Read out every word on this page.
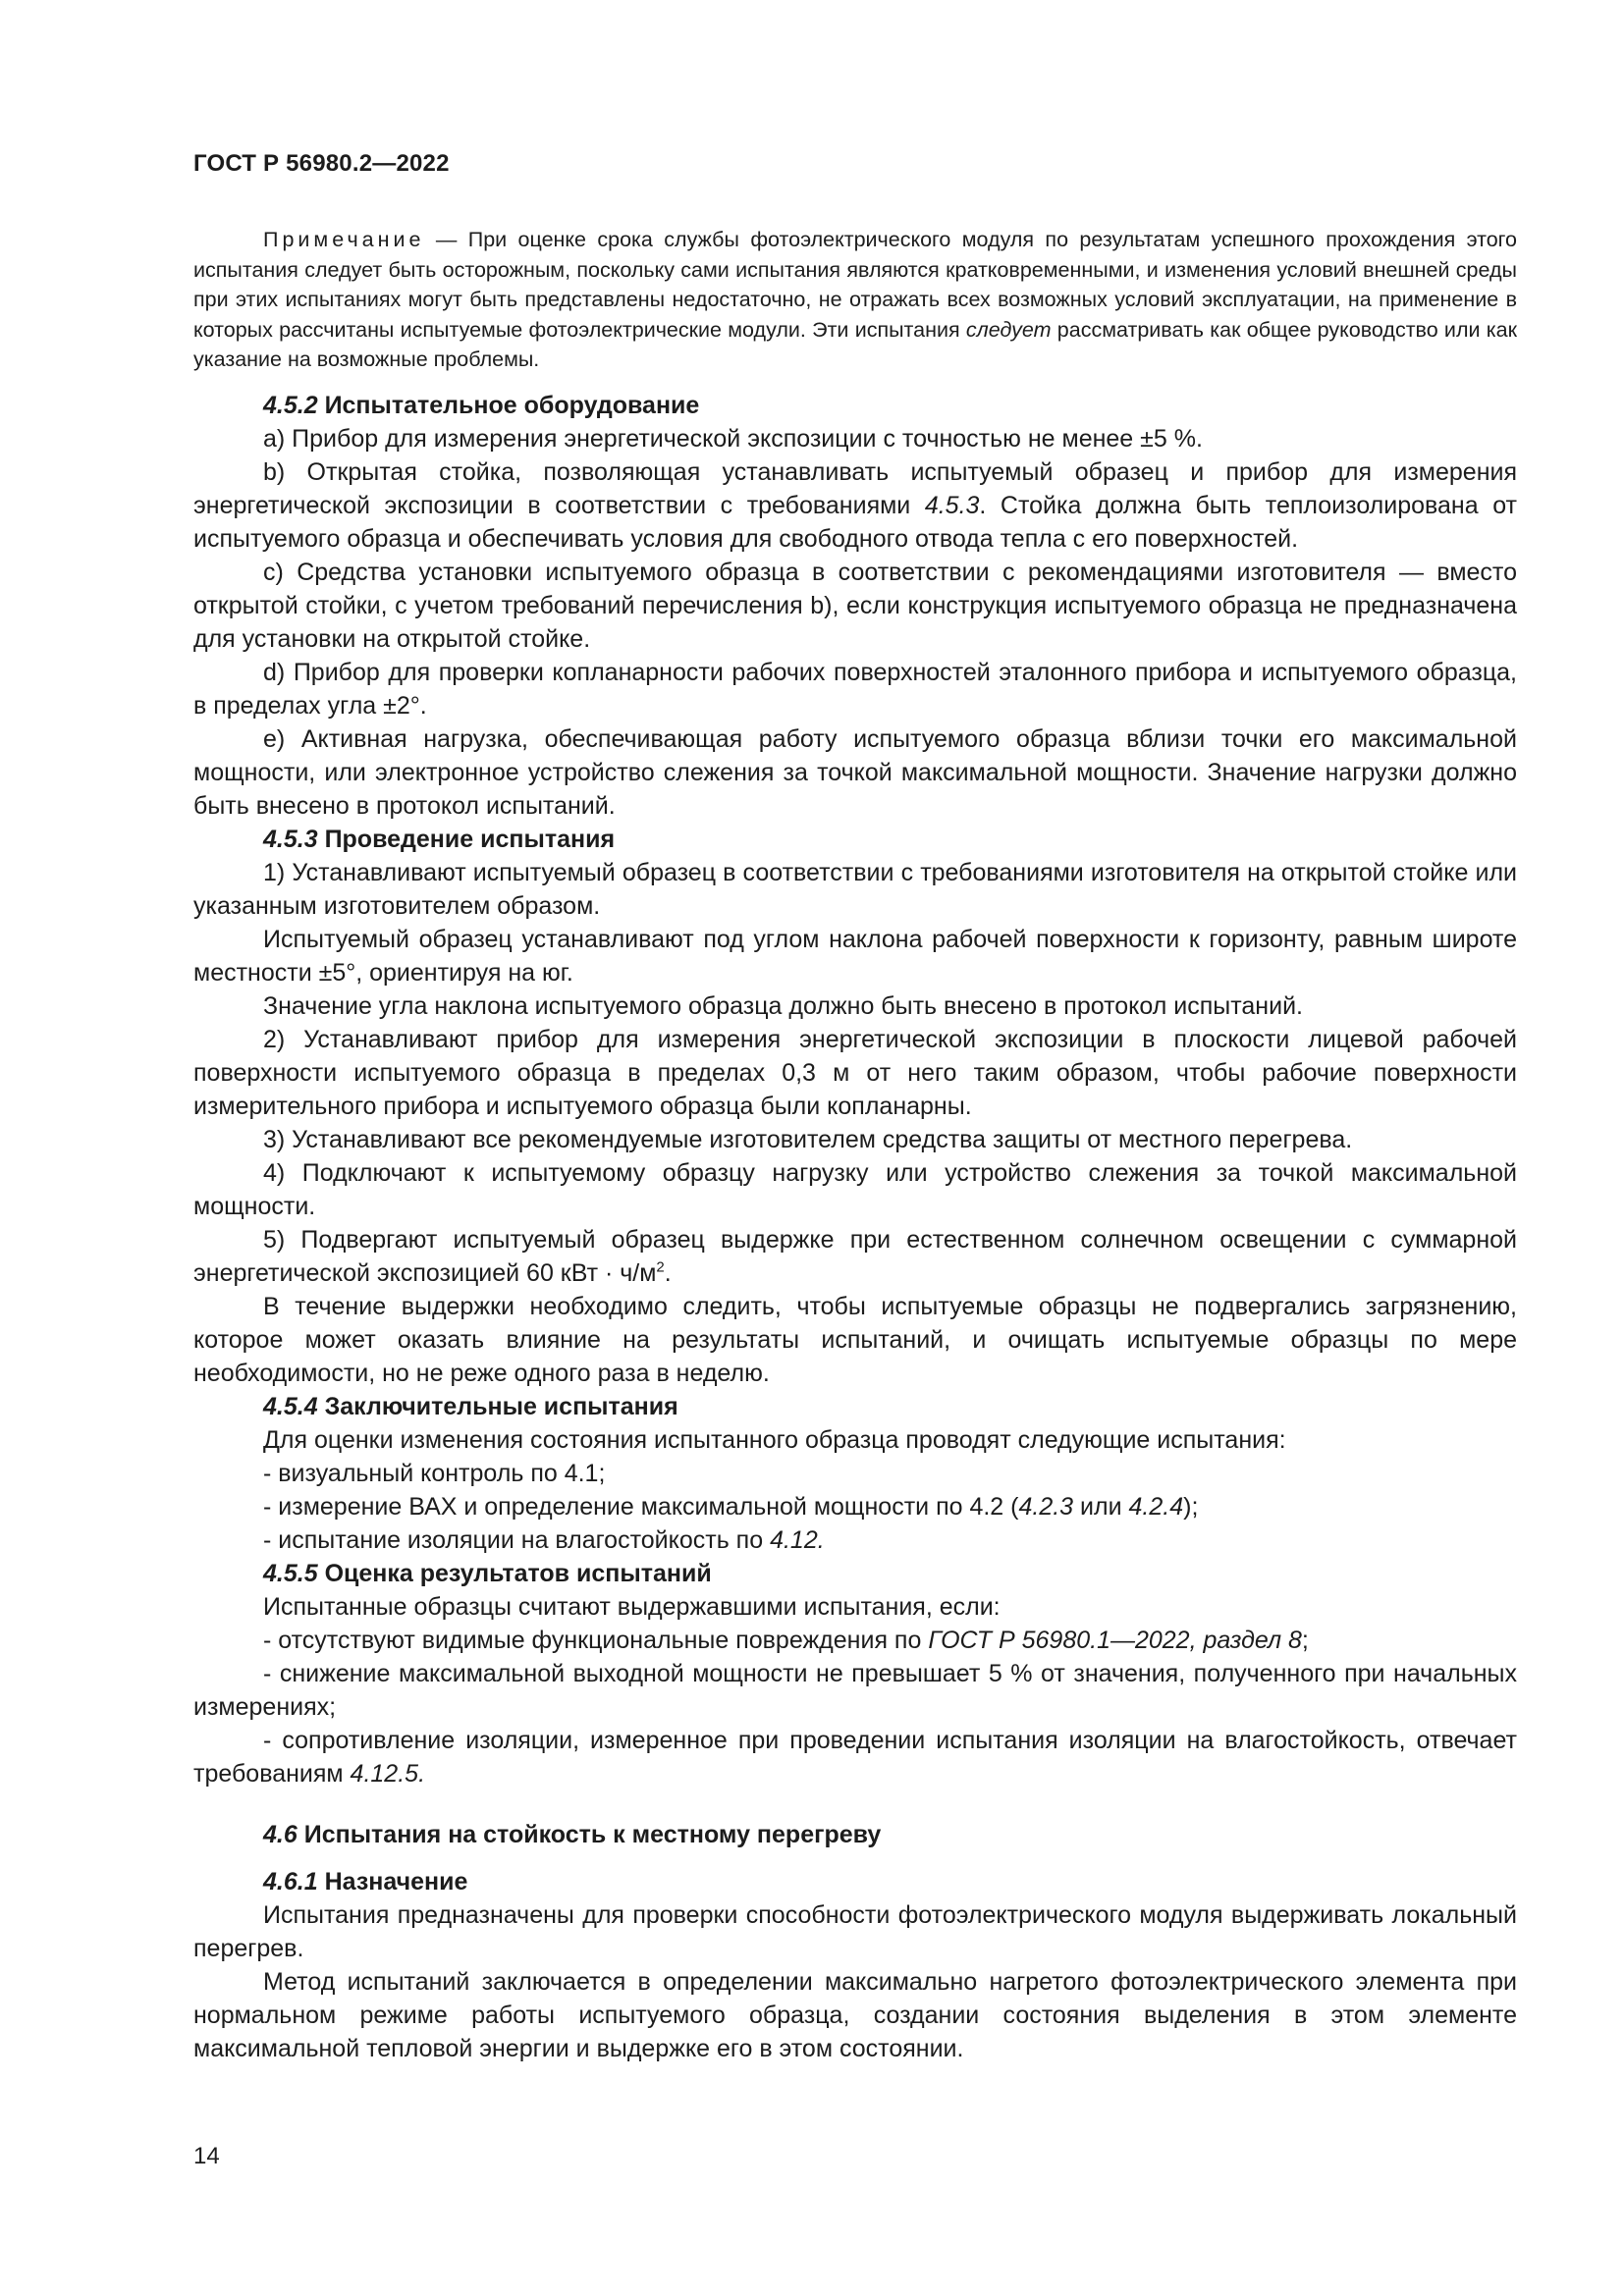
ГОСТ Р 56980.2—2022

Примечание — При оценке срока службы фотоэлектрического модуля по результатам успешного прохождения этого испытания следует быть осторожным, поскольку сами испытания являются кратковременными, и изменения условий внешней среды при этих испытаниях могут быть представлены недостаточно, не отражать всех возможных условий эксплуатации, на применение в которых рассчитаны испытуемые фотоэлектрические модули. Эти испытания следует рассматривать как общее руководство или как указание на возможные проблемы.

4.5.2 Испытательное оборудование

a) Прибор для измерения энергетической экспозиции с точностью не менее ±5 %.

b) Открытая стойка, позволяющая устанавливать испытуемый образец и прибор для измерения энергетической экспозиции в соответствии с требованиями 4.5.3. Стойка должна быть теплоизолирована от испытуемого образца и обеспечивать условия для свободного отвода тепла с его поверхностей.

c) Средства установки испытуемого образца в соответствии с рекомендациями изготовителя — вместо открытой стойки, с учетом требований перечисления b), если конструкция испытуемого образца не предназначена для установки на открытой стойке.

d) Прибор для проверки копланарности рабочих поверхностей эталонного прибора и испытуемого образца, в пределах угла ±2°.

e) Активная нагрузка, обеспечивающая работу испытуемого образца вблизи точки его максимальной мощности, или электронное устройство слежения за точкой максимальной мощности. Значение нагрузки должно быть внесено в протокол испытаний.

4.5.3 Проведение испытания

1) Устанавливают испытуемый образец в соответствии с требованиями изготовителя на открытой стойке или указанным изготовителем образом.

Испытуемый образец устанавливают под углом наклона рабочей поверхности к горизонту, равным широте местности ±5°, ориентируя на юг.

Значение угла наклона испытуемого образца должно быть внесено в протокол испытаний.

2) Устанавливают прибор для измерения энергетической экспозиции в плоскости лицевой рабочей поверхности испытуемого образца в пределах 0,3 м от него таким образом, чтобы рабочие поверхности измерительного прибора и испытуемого образца были копланарны.

3) Устанавливают все рекомендуемые изготовителем средства защиты от местного перегрева.

4) Подключают к испытуемому образцу нагрузку или устройство слежения за точкой максимальной мощности.

5) Подвергают испытуемый образец выдержке при естественном солнечном освещении с суммарной энергетической экспозицией 60 кВт · $ч/м^2$.

В течение выдержки необходимо следить, чтобы испытуемые образцы не подвергались загрязнению, которое может оказать влияние на результаты испытаний, и очищать испытуемые образцы по мере необходимости, но не реже одного раза в неделю.

4.5.4 Заключительные испытания

Для оценки изменения состояния испытанного образца проводят следующие испытания:

- визуальный контроль по 4.1;

- измерение ВАХ и определение максимальной мощности по 4.2 (4.2.3 или 4.2.4);

- испытание изоляции на влагостойкость по 4.12.

4.5.5 Оценка результатов испытаний

Испытанные образцы считают выдержавшими испытания, если:

- отсутствуют видимые функциональные повреждения по ГОСТ Р 56980.1—2022, раздел 8;

- снижение максимальной выходной мощности не превышает 5 % от значения, полученного при начальных измерениях;

- сопротивление изоляции, измеренное при проведении испытания изоляции на влагостойкость, отвечает требованиям 4.12.5.

4.6 Испытания на стойкость к местному перегреву

4.6.1 Назначение

Испытания предназначены для проверки способности фотоэлектрического модуля выдерживать локальный перегрев.

Метод испытаний заключается в определении максимально нагретого фотоэлектрического элемента при нормальном режиме работы испытуемого образца, создании состояния выделения в этом элементе максимальной тепловой энергии и выдержке его в этом состоянии.

14
